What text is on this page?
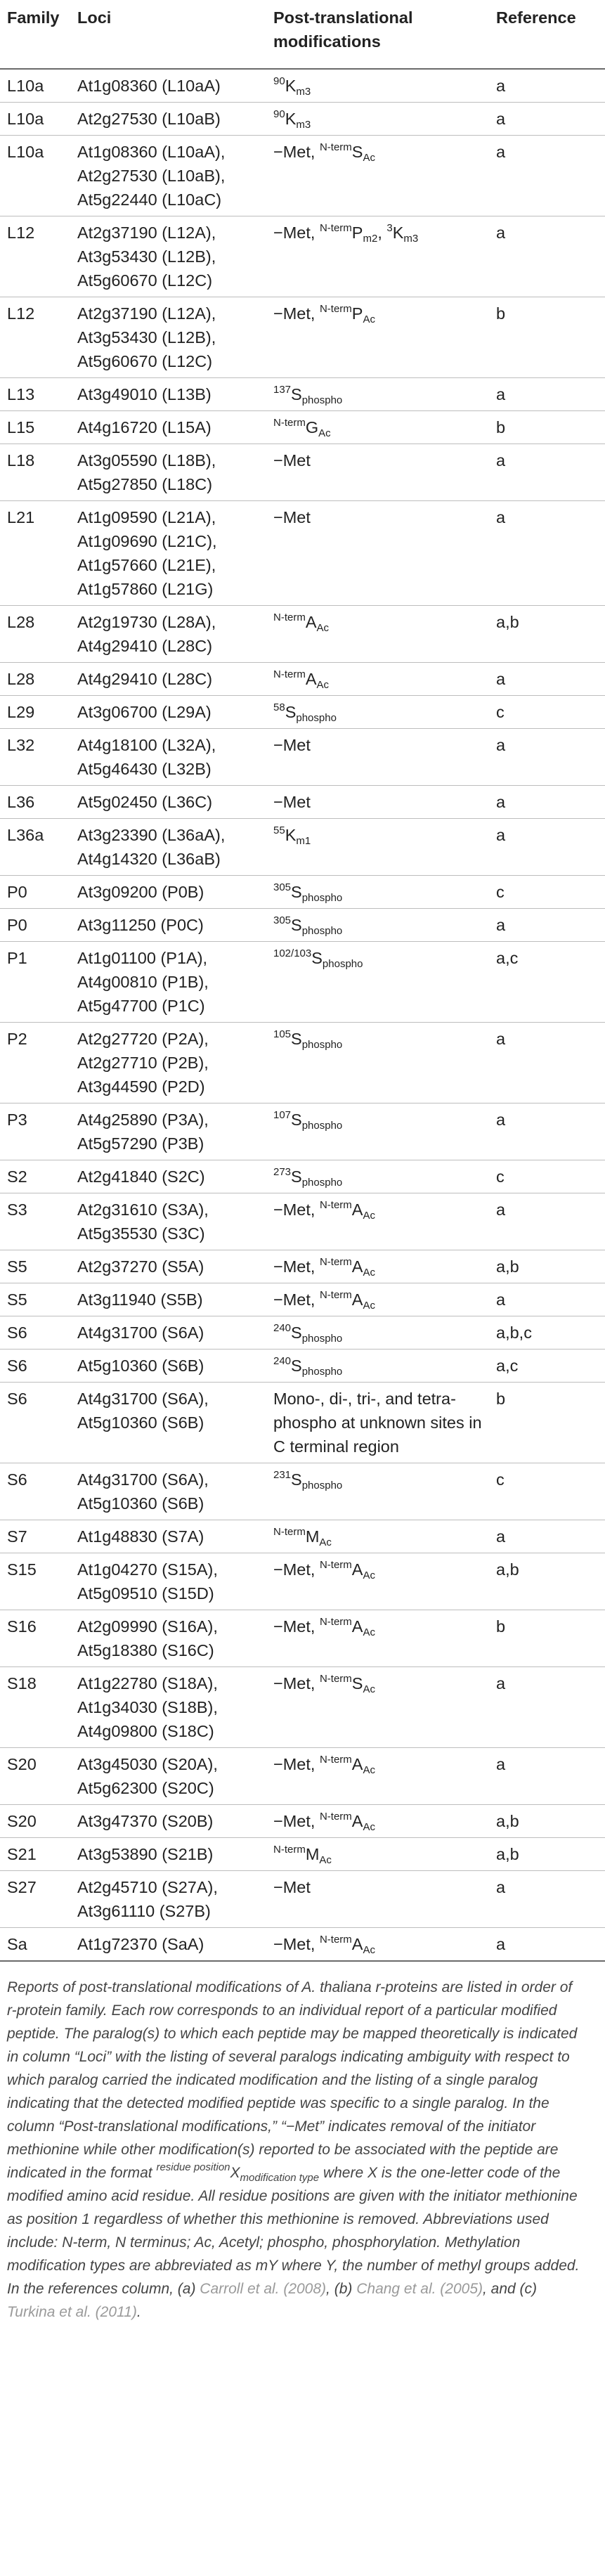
Family	Loci	Post-translational modifications	Reference
L10a	At1g08360 (L10aA)	$^{90}K_{m3}$	a
L10a	At2g27530 (L10aB)	$^{90}K_{m3}$	a
L10a	At1g08360 (L10aA),
At2g27530 (L10aB),
At5g22440 (L10aC)	−Met, $^{N-term}S_{Ac}$	a
L12	At2g37190 (L12A),
At3g53430 (L12B),
At5g60670 (L12C)	−Met, $^{N-term}P_{m2}$, $^3K_{m3}$	a
L12	At2g37190 (L12A),
At3g53430 (L12B),
At5g60670 (L12C)	−Met, $^{N-term}P_{Ac}$	b
L13	At3g49010 (L13B)	$^{137}S_{phospho}$	a
L15	At4g16720 (L15A)	$^{N-term}G_{Ac}$	b
L18	At3g05590 (L18B),
At5g27850 (L18C)	−Met	a
L21	At1g09590 (L21A),
At1g09690 (L21C),
At1g57660 (L21E),
At1g57860 (L21G)	−Met	a
L28	At2g19730 (L28A),
At4g29410 (L28C)	$^{N-term}A_{Ac}$	a,b
L28	At4g29410 (L28C)	$^{N-term}A_{Ac}$	a
L29	At3g06700 (L29A)	$^{58}S_{phospho}$	c
L32	At4g18100 (L32A),
At5g46430 (L32B)	−Met	a
L36	At5g02450 (L36C)	−Met	a
L36a	At3g23390 (L36aA),
At4g14320 (L36aB)	$^{55}K_{m1}$	a
P0	At3g09200 (P0B)	$^{305}S_{phospho}$	c
P0	At3g11250 (P0C)	$^{305}S_{phospho}$	a
P1	At1g01100 (P1A),
At4g00810 (P1B),
At5g47700 (P1C)	$^{102/103}S_{phospho}$	a,c
P2	At2g27720 (P2A),
At2g27710 (P2B),
At3g44590 (P2D)	$^{105}S_{phospho}$	a
P3	At4g25890 (P3A),
At5g57290 (P3B)	$^{107}S_{phospho}$	a
S2	At2g41840 (S2C)	$^{273}S_{phospho}$	c
S3	At2g31610 (S3A),
At5g35530 (S3C)	−Met, $^{N-term}A_{Ac}$	a
S5	At2g37270 (S5A)	−Met, $^{N-term}A_{Ac}$	a,b
S5	At3g11940 (S5B)	−Met, $^{N-term}A_{Ac}$	a
S6	At4g31700 (S6A)	$^{240}S_{phospho}$	a,b,c
S6	At5g10360 (S6B)	$^{240}S_{phospho}$	a,c
S6	At4g31700 (S6A),
At5g10360 (S6B)	Mono-, di-, tri-, and tetra-phospho at unknown sites in C terminal region	b
S6	At4g31700 (S6A),
At5g10360 (S6B)	$^{231}S_{phospho}$	c
S7	At1g48830 (S7A)	$^{N-term}M_{Ac}$	a
S15	At1g04270 (S15A),
At5g09510 (S15D)	−Met, $^{N-term}A_{Ac}$	a,b
S16	At2g09990 (S16A),
At5g18380 (S16C)	−Met, $^{N-term}A_{Ac}$	b
S18	At1g22780 (S18A),
At1g34030 (S18B),
At4g09800 (S18C)	−Met, $^{N-term}S_{Ac}$	a
S20	At3g45030 (S20A),
At5g62300 (S20C)	−Met, $^{N-term}A_{Ac}$	a
S20	At3g47370 (S20B)	−Met, $^{N-term}A_{Ac}$	a,b
S21	At3g53890 (S21B)	$^{N-term}M_{Ac}$	a,b
S27	At2g45710 (S27A),
At3g61110 (S27B)	−Met	a
Sa	At1g72370 (SaA)	−Met, $^{N-term}A_{Ac}$	a
Reports of post-translational modifications of A. thaliana r-proteins are listed in order of r-protein family. Each row corresponds to an individual report of a particular modified peptide. The paralog(s) to which each peptide may be mapped theoretically is indicated in column “Loci” with the listing of several paralogs indicating ambiguity with respect to which paralog carried the indicated modification and the listing of a single paralog indicating that the detected modified peptide was specific to a single paralog. In the column “Post-translational modifications,” “−Met” indicates removal of the initiator methionine while other modification(s) reported to be associated with the peptide are indicated in the format $^{residue position}X_{modification type}$ where X is the one-letter code of the modified amino acid residue. All residue positions are given with the initiator methionine as position 1 regardless of whether this methionine is removed. Abbreviations used include: N-term, N terminus; Ac, Acetyl; phospho, phosphorylation. Methylation modification types are abbreviated as mY where Y, the number of methyl groups added. In the references column, (a) Carroll et al. (2008), (b) Chang et al. (2005), and (c) Turkina et al. (2011).
